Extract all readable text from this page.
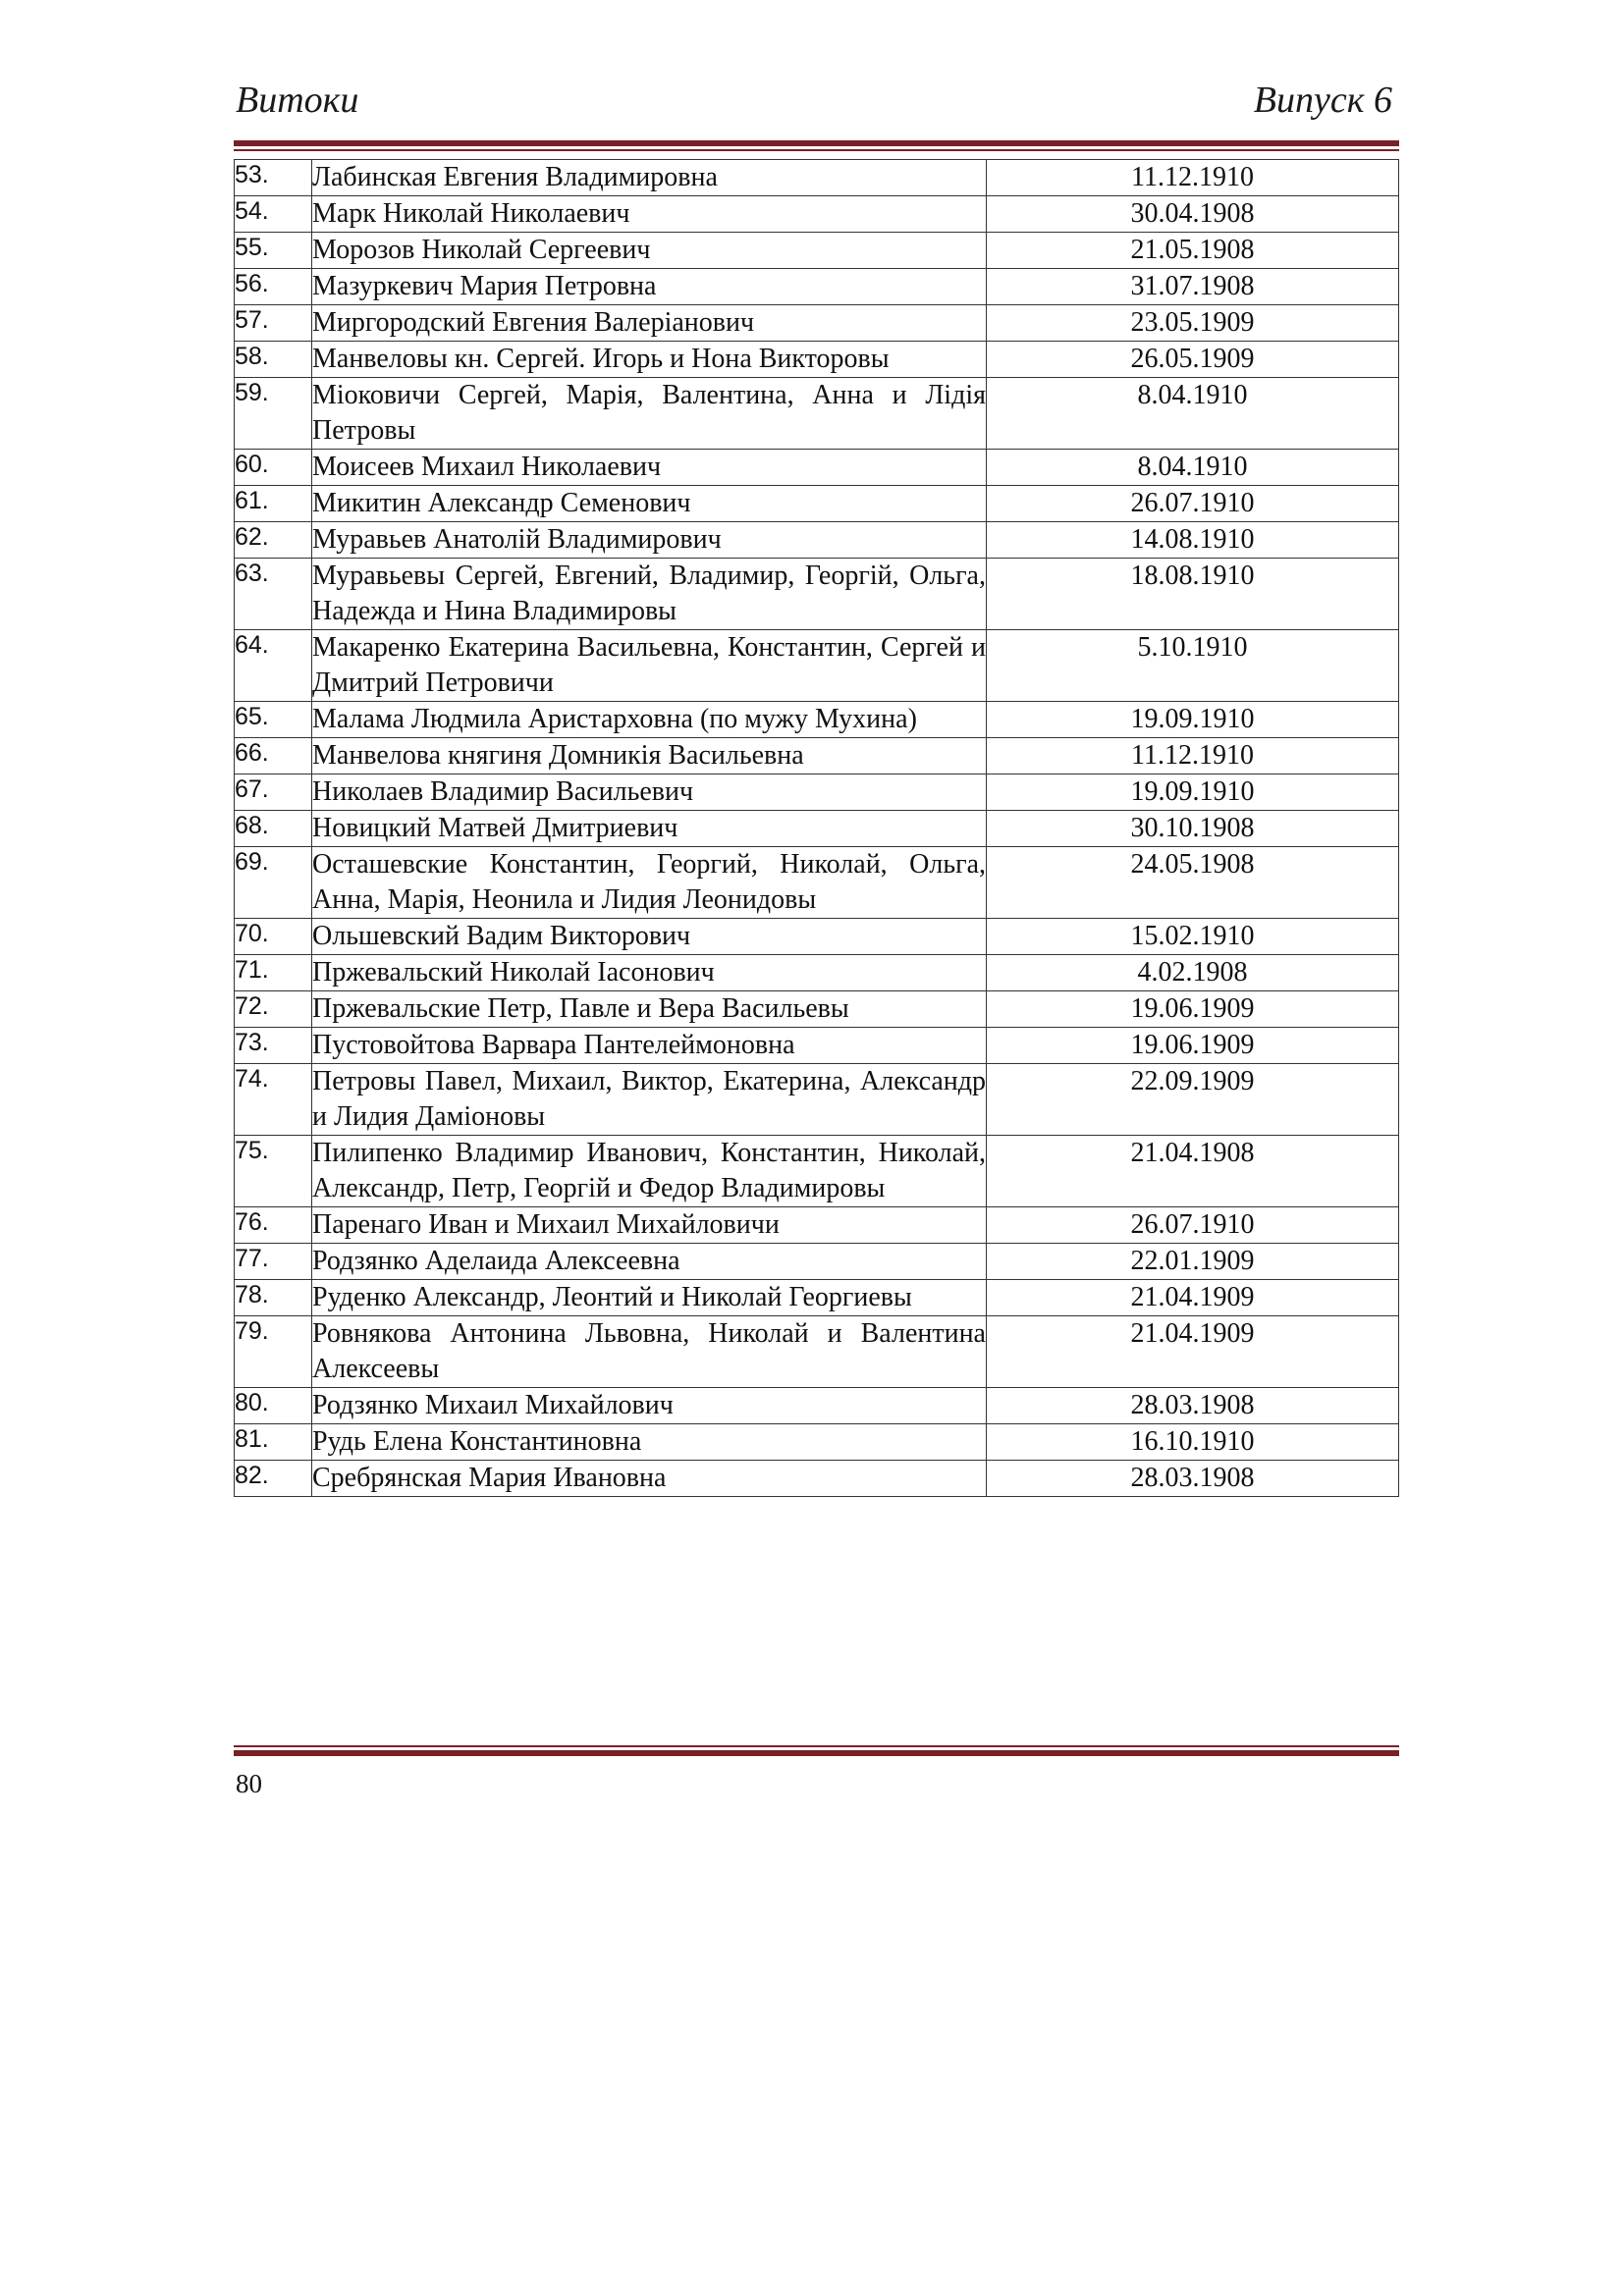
Витоки	Випуск 6
53.	Лабинская Евгения Владимировна	11.12.1910
54.	Марк Николай Николаевич	30.04.1908
55.	Морозов Николай Сергеевич	21.05.1908
56.	Мазуркевич Мария Петровна	31.07.1908
57.	Миргородский Евгения Валеріанович	23.05.1909
58.	Манвеловы кн. Сергей. Игорь и Нона Викторовы	26.05.1909
59.	Міоковичи Сергей, Марія, Валентина, Анна и Лідія Петровы	8.04.1910
60.	Моисеев Михаил Николаевич	8.04.1910
61.	Микитин Александр Семенович	26.07.1910
62.	Муравьев Анатолій Владимирович	14.08.1910
63.	Муравьевы Сергей, Евгений, Владимир, Георгій, Ольга, Надежда и Нина Владимировы	18.08.1910
64.	Макаренко Екатерина Васильевна, Константин, Сергей и Дмитрий Петровичи	5.10.1910
65.	Малама Людмила Аристарховна (по мужу Мухина)	19.09.1910
66.	Манвелова княгиня Домникія Васильевна	11.12.1910
67.	Николаев Владимир Васильевич	19.09.1910
68.	Новицкий Матвей Дмитриевич	30.10.1908
69.	Осташевские Константин, Георгий, Николай, Ольга, Анна, Марія, Неонила и Лидия Леонидовы	24.05.1908
70.	Ольшевский Вадим Викторович	15.02.1910
71.	Пржевальский Николай Іасонович	4.02.1908
72.	Пржевальские Петр, Павле и Вера Васильевы	19.06.1909
73.	Пустовойтова Варвара Пантелеймоновна	19.06.1909
74.	Петровы Павел, Михаил, Виктор, Екатерина, Александр и Лидия Даміоновы	22.09.1909
75.	Пилипенко Владимир Иванович, Константин, Николай, Александр, Петр, Георгій и Федор Владимировы	21.04.1908
76.	Паренаго Иван и Михаил Михайловичи	26.07.1910
77.	Родзянко Аделаида Алексеевна	22.01.1909
78.	Руденко Александр, Леонтий и Николай Георгиевы	21.04.1909
79.	Ровнякова Антонина Львовна, Николай и Валентина Алексеевы	21.04.1909
80.	Родзянко Михаил Михайлович	28.03.1908
81.	Рудь Елена Константиновна	16.10.1910
82.	Сребрянская Мария Ивановна	28.03.1908
80
